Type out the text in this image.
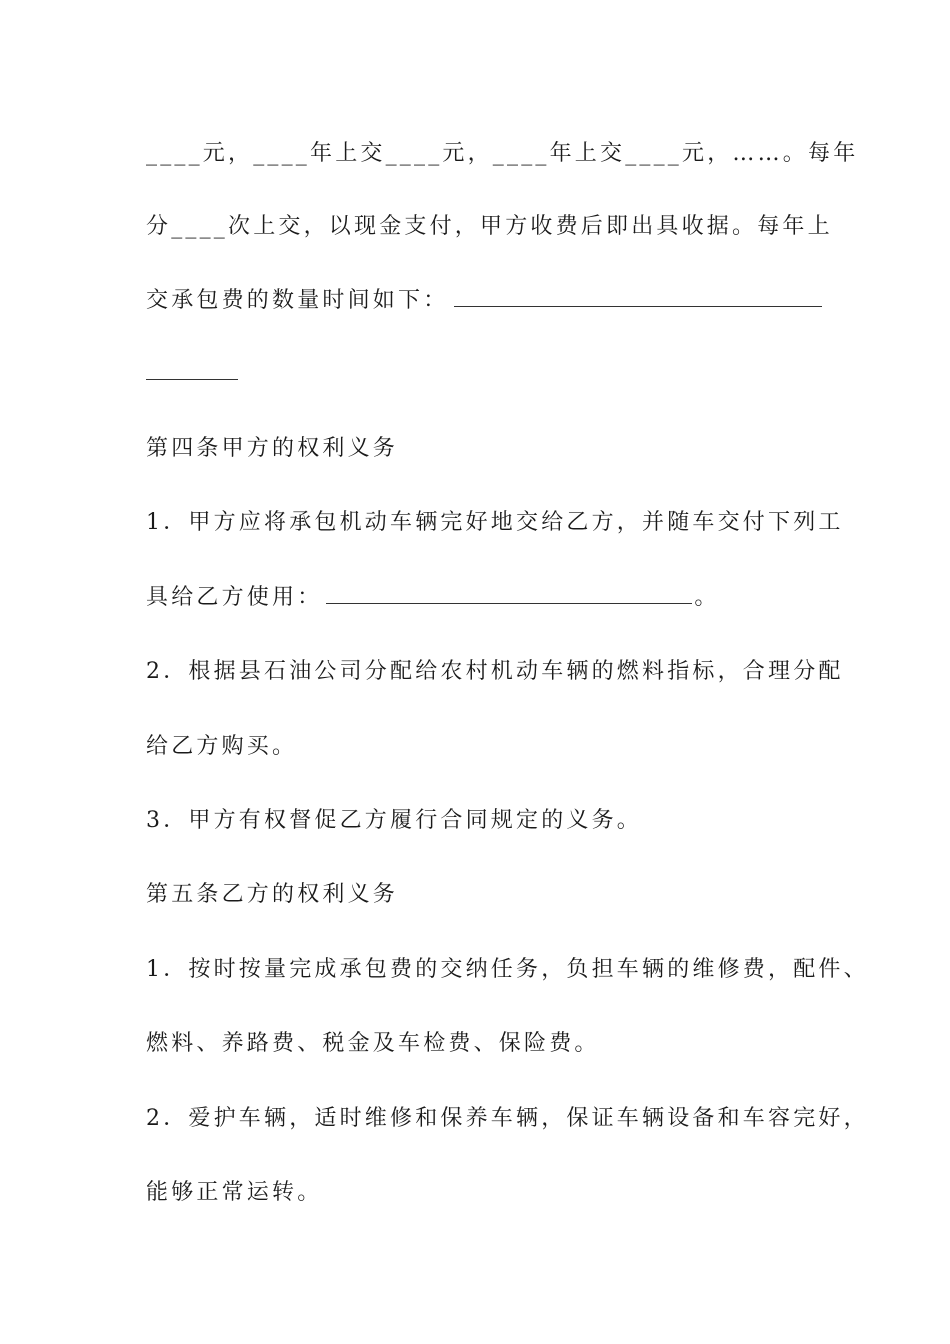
____元，____年上交____元，____年上交____元，……。每年
分____次上交，以现金支付，甲方收费后即出具收据。每年上
交承包费的数量时间如下：
第四条甲方的权利义务
1．甲方应将承包机动车辆完好地交给乙方，并随车交付下列工
具给乙方使用：	。
2．根据县石油公司分配给农村机动车辆的燃料指标，合理分配
给乙方购买。
3．甲方有权督促乙方履行合同规定的义务。
第五条乙方的权利义务
1．按时按量完成承包费的交纳任务，负担车辆的维修费，配件、
燃料、养路费、税金及车检费、保险费。
2．爱护车辆，适时维修和保养车辆，保证车辆设备和车容完好，
能够正常运转。
